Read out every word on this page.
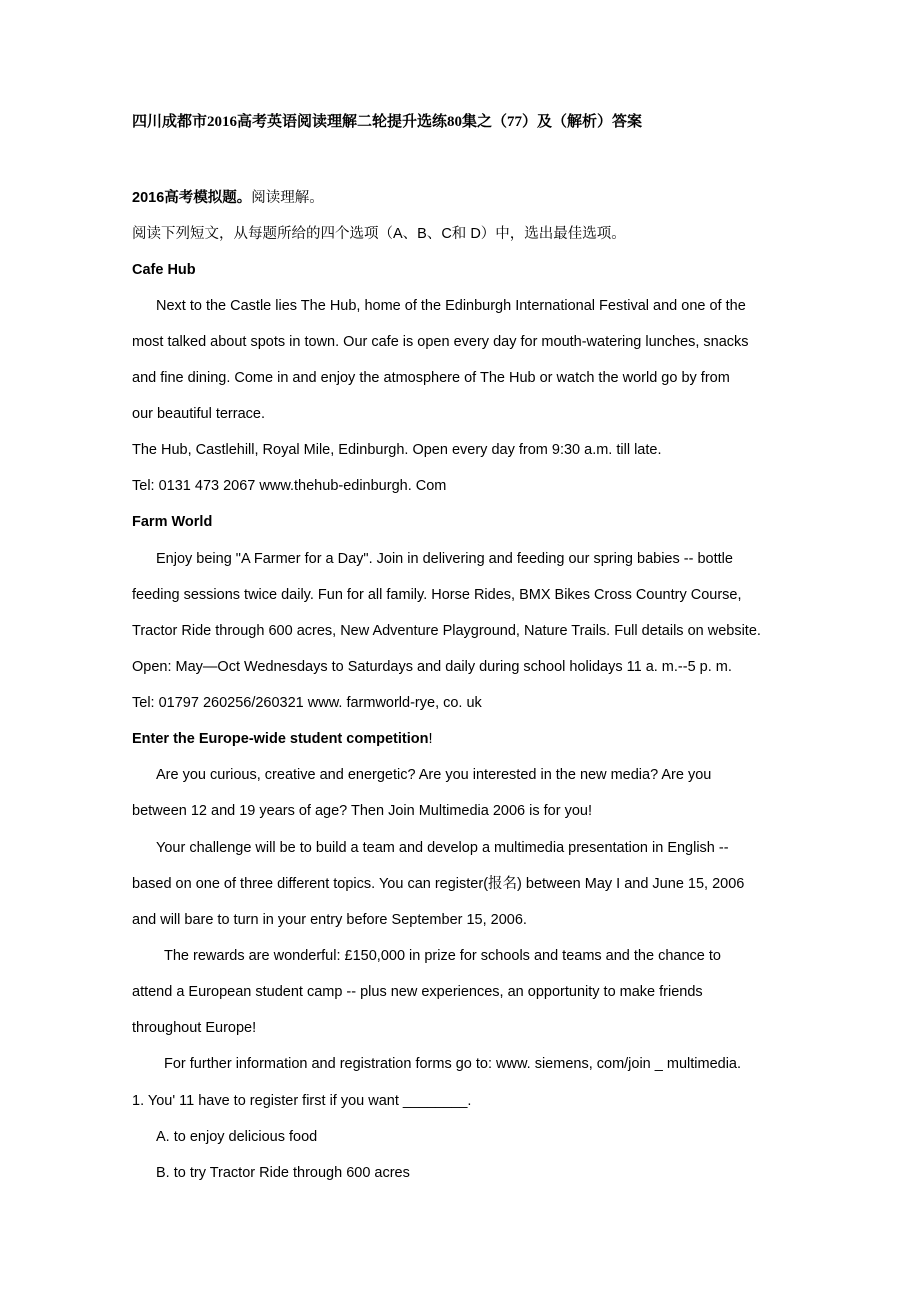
四川成都市2016高考英语阅读理解二轮提升选练80集之（77）及（解析）答案
2016高考模拟题。阅读理解。
阅读下列短文，从每题所给的四个选项（A、B、C和 D）中，选出最佳选项。
Cafe Hub
Next to the Castle lies The Hub, home of the Edinburgh International Festival and one of the
most talked about spots in town. Our cafe is open every day for mouth-watering lunches, snacks
and fine dining. Come in and enjoy the atmosphere of The Hub or watch the world go by from
our beautiful terrace.
The Hub, Castlehill, Royal Mile, Edinburgh. Open every day from 9:30 a.m. till late.
Tel: 0131 473 2067 www.thehub-edinburgh. Com
Farm World
Enjoy being "A Farmer for a Day". Join in delivering and feeding our spring babies -- bottle
feeding sessions twice daily. Fun for all family. Horse Rides, BMX Bikes Cross Country Course,
Tractor Ride through 600 acres, New Adventure Playground, Nature Trails. Full details on website.
Open: May—Oct Wednesdays to Saturdays and daily during school holidays 11 a. m.--5 p. m.
Tel: 01797 260256/260321 www. farmworld-rye, co. uk
Enter the Europe-wide student competition!
Are you curious, creative and energetic? Are you interested in the new media? Are you
between 12 and 19 years of age? Then Join Multimedia 2006 is for you!
Your challenge will be to build a team and develop a multimedia presentation in English --
based on one of three different topics. You can register(报名) between May I and June 15, 2006
and will bare to turn in your entry before September 15, 2006.
The rewards are wonderful: £150,000 in prize for schools and teams and the chance to
attend a European student camp -- plus new experiences, an opportunity to make friends
throughout Europe!
For further information and registration forms go to: www. siemens, com/join _ multimedia.
1. You' 11 have to register first if you want ________.
A. to enjoy delicious food
B. to try Tractor Ride through 600 acres
